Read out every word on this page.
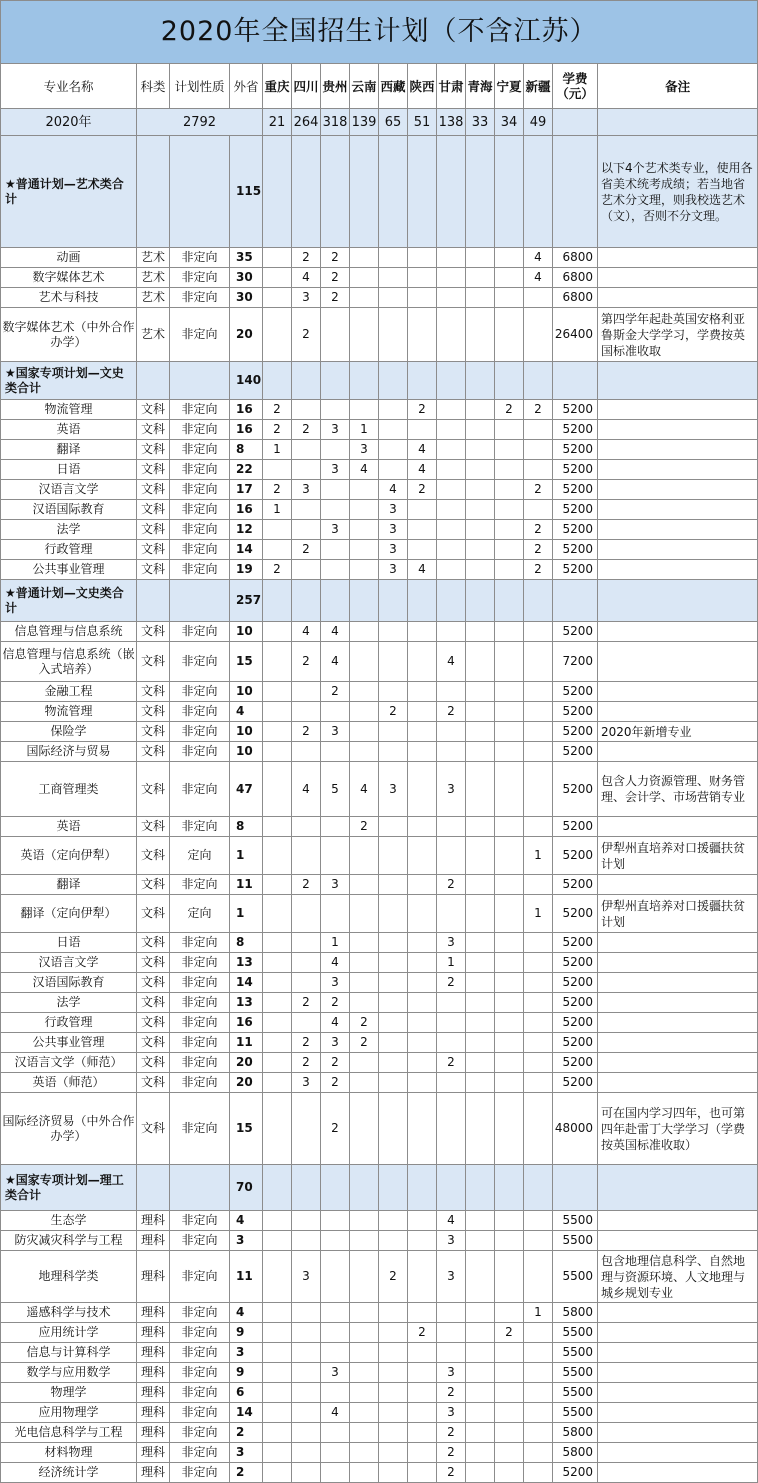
2020年全国招生计划（不含江苏）															
专业名称	科类	计划性质	外省	重庆	四川	贵州	云南	西藏	陕西	甘肃	青海	宁夏	新疆	学费（元）	备注
2020年	2792			21	264	318	139	65	51	138	33	34	49		
★普通计划—艺术类合计			115												以下4个艺术类专业，使用各省美术统考成绩；若当地省艺术分文理，则我校选艺术（文），否则不分文理。
动画	艺术	非定向	35		2	2							4	6800	
数字媒体艺术	艺术	非定向	30		4	2							4	6800	
艺术与科技	艺术	非定向	30		3	2								6800	
数字媒体艺术（中外合作办学）	艺术	非定向	20		2									26400	第四学年起赴英国安格利亚鲁斯金大学学习，学费按英国标准收取
★国家专项计划—文史类合计			140												
物流管理	文科	非定向	16	2					2			2	2	5200	
英语	文科	非定向	16	2	2	3	1							5200	
翻译	文科	非定向	8	1			3		4					5200	
日语	文科	非定向	22			3	4		4					5200	
汉语言文学	文科	非定向	17	2	3			4	2				2	5200	
汉语国际教育	文科	非定向	16	1				3						5200	
法学	文科	非定向	12			3		3					2	5200	
行政管理	文科	非定向	14		2			3					2	5200	
公共事业管理	文科	非定向	19	2				3	4				2	5200	
★普通计划—文史类合计			257												
信息管理与信息系统	文科	非定向	10		4	4								5200	
信息管理与信息系统（嵌入式培养）	文科	非定向	15		2	4				4				7200	
金融工程	文科	非定向	10			2								5200	
物流管理	文科	非定向	4					2		2				5200	
保险学	文科	非定向	10		2	3								5200	2020年新增专业
国际经济与贸易	文科	非定向	10											5200	
工商管理类	文科	非定向	47		4	5	4	3		3				5200	包含人力资源管理、财务管理、会计学、市场营销专业
英语	文科	非定向	8				2							5200	
英语（定向伊犁）	文科	定向	1										1	5200	伊犁州直培养对口援疆扶贫计划
翻译	文科	非定向	11		2	3				2				5200	
翻译（定向伊犁）	文科	定向	1										1	5200	伊犁州直培养对口援疆扶贫计划
日语	文科	非定向	8			1				3				5200	
汉语言文学	文科	非定向	13			4				1				5200	
汉语国际教育	文科	非定向	14			3				2				5200	
法学	文科	非定向	13		2	2								5200	
行政管理	文科	非定向	16			4	2							5200	
公共事业管理	文科	非定向	11		2	3	2							5200	
汉语言文学（师范）	文科	非定向	20		2	2				2				5200	
英语（师范）	文科	非定向	20		3	2								5200	
国际经济贸易（中外合作办学）	文科	非定向	15			2								48000	可在国内学习四年，也可第四年赴雷丁大学学习（学费按英国标准收取）
★国家专项计划—理工类合计			70												
生态学	理科	非定向	4							4				5500	
防灾减灾科学与工程	理科	非定向	3							3				5500	
地理科学类	理科	非定向	11		3			2		3				5500	包含地理信息科学、自然地理与资源环境、人文地理与城乡规划专业
遥感科学与技术	理科	非定向	4										1	5800	
应用统计学	理科	非定向	9						2			2		5500	
信息与计算科学	理科	非定向	3											5500	
数学与应用数学	理科	非定向	9			3				3				5500	
物理学	理科	非定向	6							2				5500	
应用物理学	理科	非定向	14			4				3				5500	
光电信息科学与工程	理科	非定向	2							2				5800	
材料物理	理科	非定向	3							2				5800	
经济统计学	理科	非定向	2							2				5200	
